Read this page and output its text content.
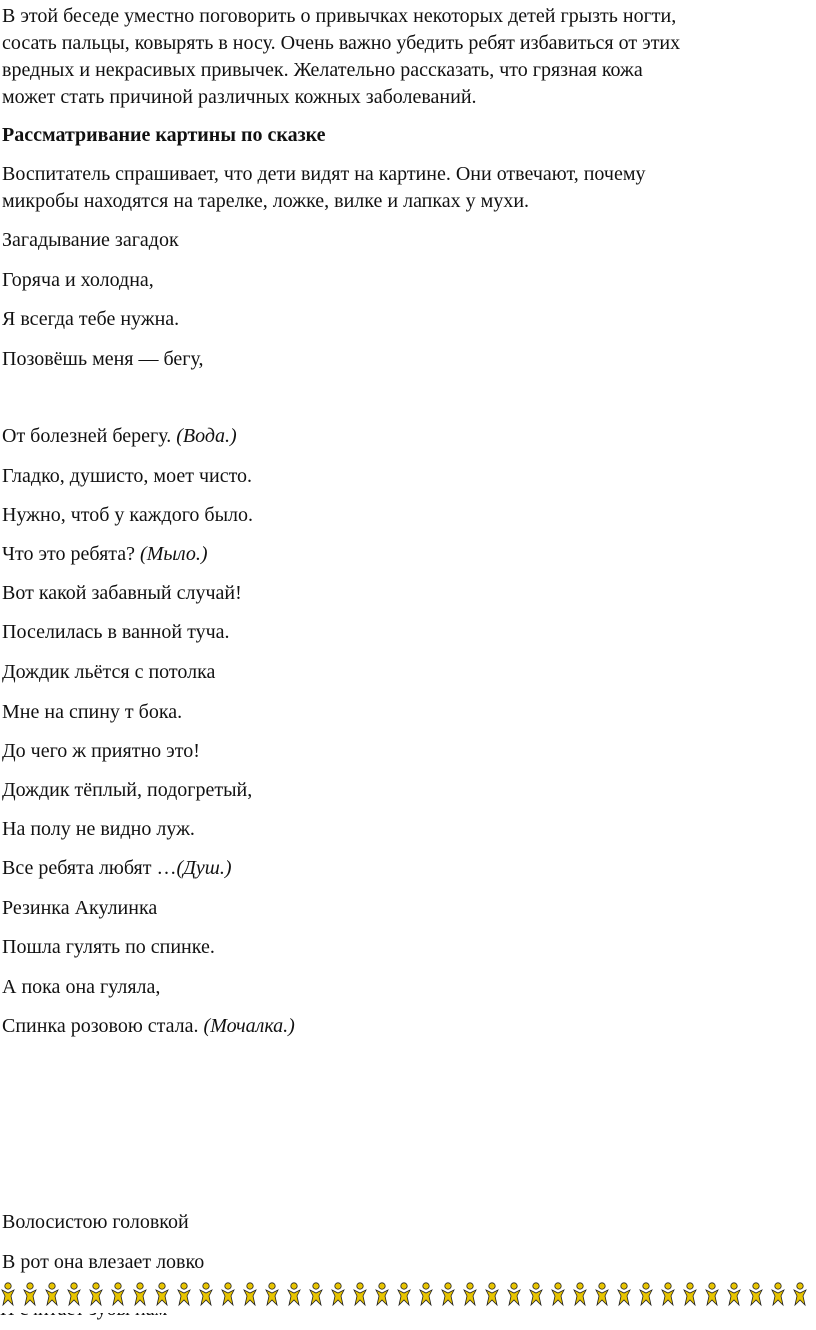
В этой беседе уместно поговорить о привычках некоторых детей грызть ногти,
сосать пальцы, ковырять в носу. Очень важно убедить ребят избавиться от этих
вредных и некрасивых привычек. Желательно рассказать, что грязная кожа
может стать причиной различных кожных заболеваний.
Рассматривание картины по сказке
Воспитатель спрашивает, что дети видят на картине. Они отвечают, почему
микробы находятся на тарелке, ложке, вилке и лапках у мухи.
Загадывание загадок
Горяча и холодна,
Я всегда тебе нужна.
Позовёшь меня — бегу,
От болезней берегу. (Вода.)
Гладко, душисто, моет чисто.
Нужно, чтоб у каждого было.
Что это ребята? (Мыло.)
Вот какой забавный случай!
Поселилась в ванной туча.
Дождик льётся с потолка
Мне на спину т бока.
До чего ж приятно это!
Дождик тёплый, подогретый,
На полу не видно луж.
Все ребята любят …(Душ.)
Резинка Акулинка
Пошла гулять по спинке.
А пока она гуляла,
Спинка розовою стала. (Мочалка.)
Волосистою головкой
В рот она влезает ловко
